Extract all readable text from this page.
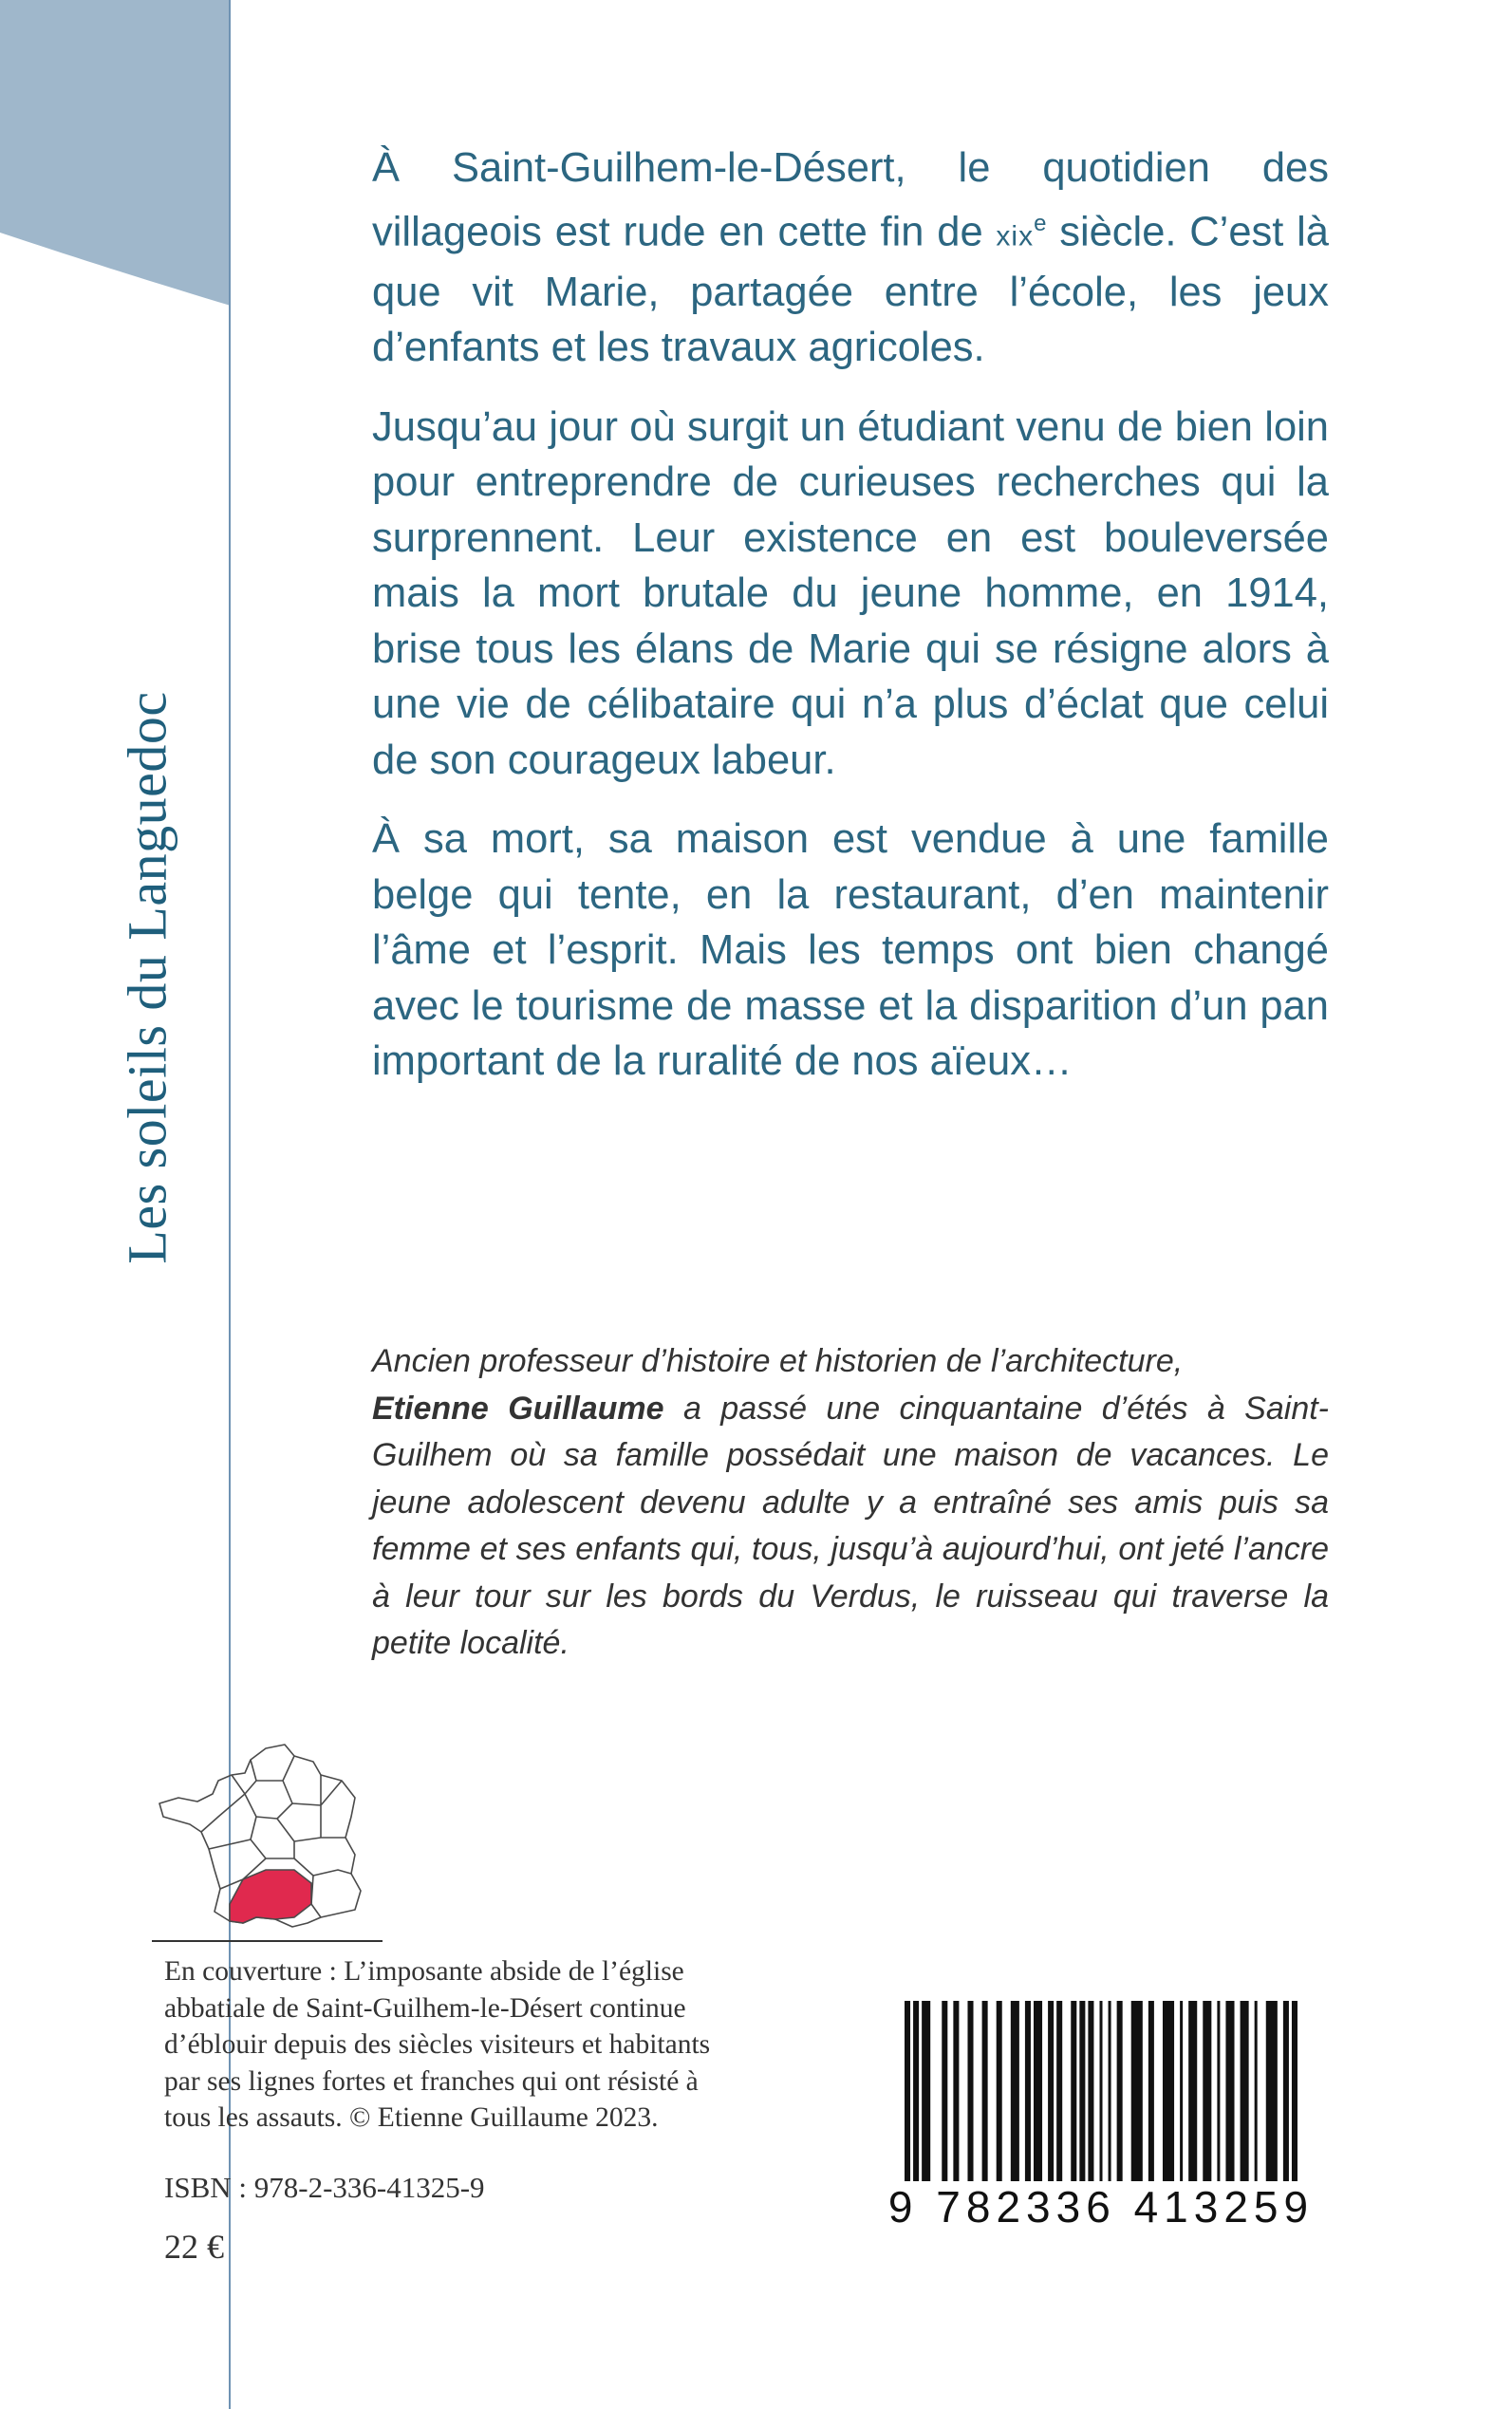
Les soleils du Languedoc

À Saint-Guilhem-le-Désert, le quotidien des villageois est rude en cette fin de xix$^e$ siècle. C’est là que vit Marie, partagée entre l’école, les jeux d’enfants et les travaux agricoles.

Jusqu’au jour où surgit un étudiant venu de bien loin pour entreprendre de curieuses recherches qui la surprennent. Leur existence en est bouleversée mais la mort brutale du jeune homme, en 1914, brise tous les élans de Marie qui se résigne alors à une vie de célibataire qui n’a plus d’éclat que celui de son courageux labeur.

À sa mort, sa maison est vendue à une famille belge qui tente, en la restaurant, d’en maintenir l’âme et l’esprit. Mais les temps ont bien changé avec le tourisme de masse et la disparition d’un pan important de la ruralité de nos aïeux…

Ancien professeur d’histoire et historien de l’architecture,
Etienne Guillaume a passé une cinquantaine d’étés à Saint-Guilhem où sa famille possédait une maison de vacances. Le jeune adolescent devenu adulte y a entraîné ses amis puis sa femme et ses enfants qui, tous, jusqu’à aujourd’hui, ont jeté l’ancre à leur tour sur les bords du Verdus, le ruisseau qui traverse la petite localité.

En couverture : L’imposante abside de l’église abbatiale de Saint-Guilhem-le-Désert continue d’éblouir depuis des siècles visiteurs et habitants par ses lignes fortes et franches qui ont résisté à tous les assauts. © Etienne Guillaume 2023.
ISBN : 978-2-336-41325-9
22 €
9 782336 413259
